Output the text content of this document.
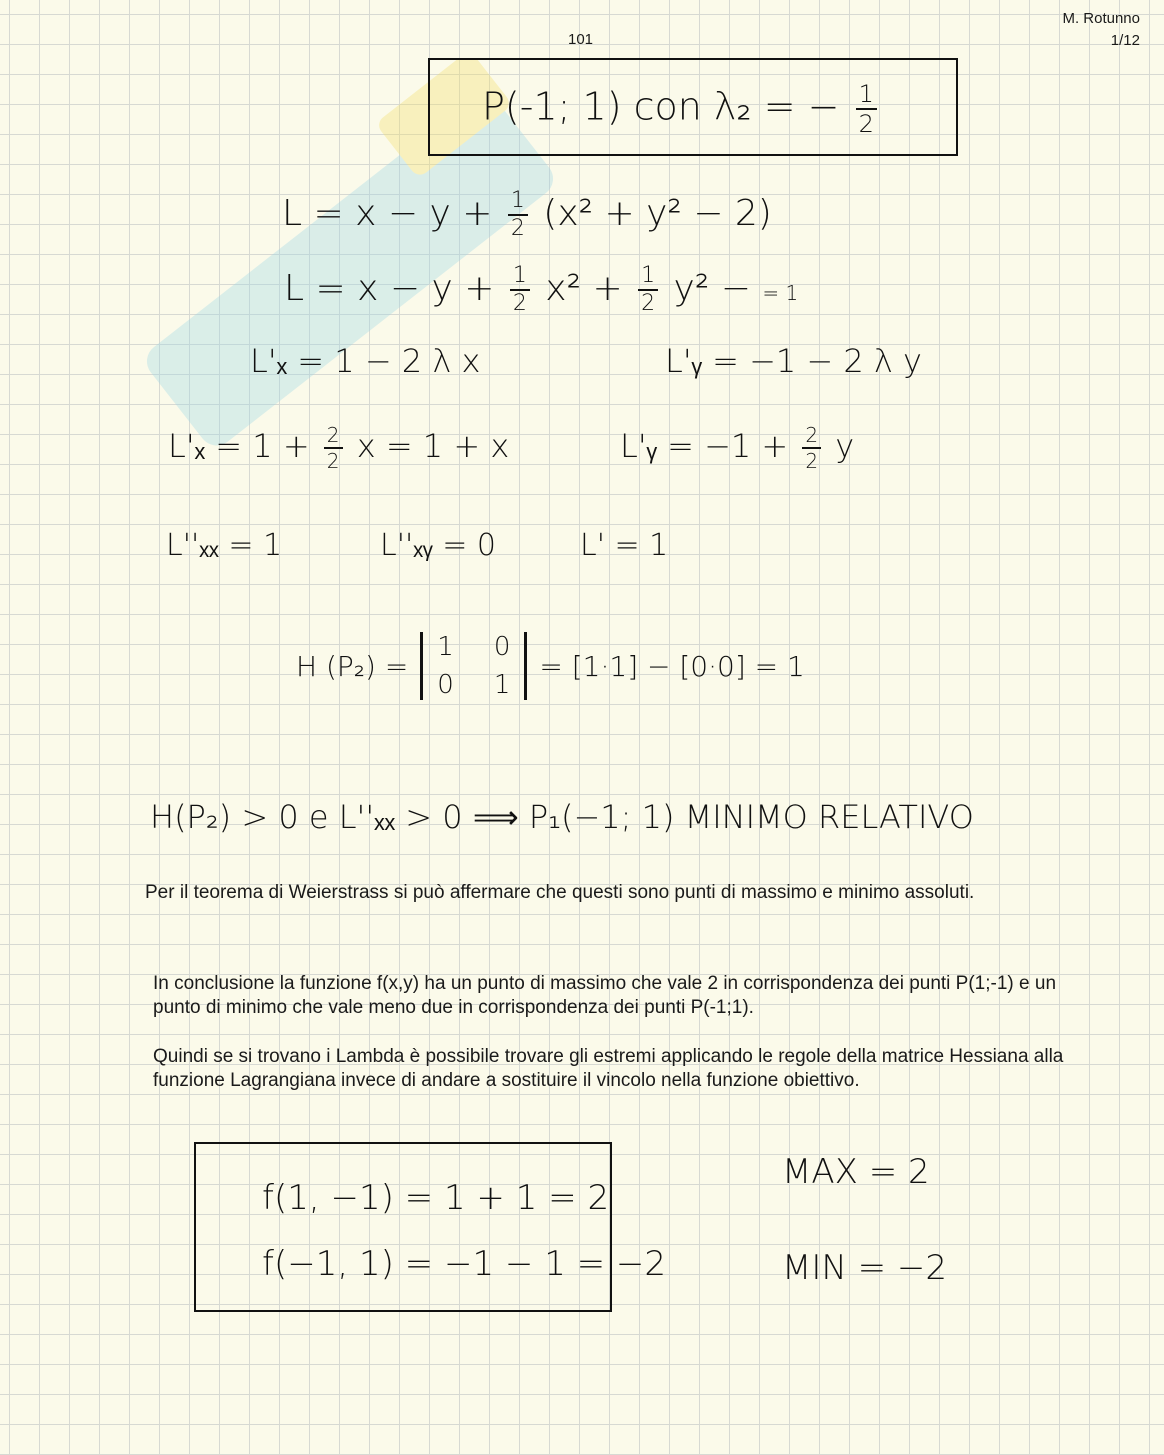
101
M. Rotunno
1/12
P(-1; 1) con λ₂ = − $\frac{1}{2}$
$L = x - y + \frac{1}{2} (x^2 + y^2 - 2)$
$L = x - y + \frac{1}{2} x^2 + \frac{1}{2} y^2$ − = 1
L'ₓ = 1 − 2 λ x	L'ᵧ = −1 − 2 λ y
$L'_x = 1 + \frac{2}{2}$ x = 1 + x	L'ᵧ = $-1 + \frac{2}{2}$ y
L''ₓₓ = 1	L''ₓᵧ = 0	L' = 1
H (P₂) =
1 0
0 1
= [1·1] − [0·0] = 1
H(P₂) > 0 e L''ₓₓ > 0 ⟹ P₁(−1; 1) MINIMO RELATIVO
Per il teorema di Weierstrass si può affermare che questi sono punti di massimo e minimo assoluti.
In conclusione la funzione f(x,y) ha un punto di massimo che vale 2 in corrispondenza dei punti P(1;-1) e un punto di minimo che vale meno due in corrispondenza dei punti P(-1;1).
Quindi se si trovano i Lambda è possibile trovare gli estremi applicando le regole della matrice Hessiana alla funzione Lagrangiana invece di andare a sostituire il vincolo nella funzione obiettivo.
f(1, −1) = 1 + 1 = 2
f(−1, 1) = −1 − 1 = −2
MAX = 2
MIN = −2
